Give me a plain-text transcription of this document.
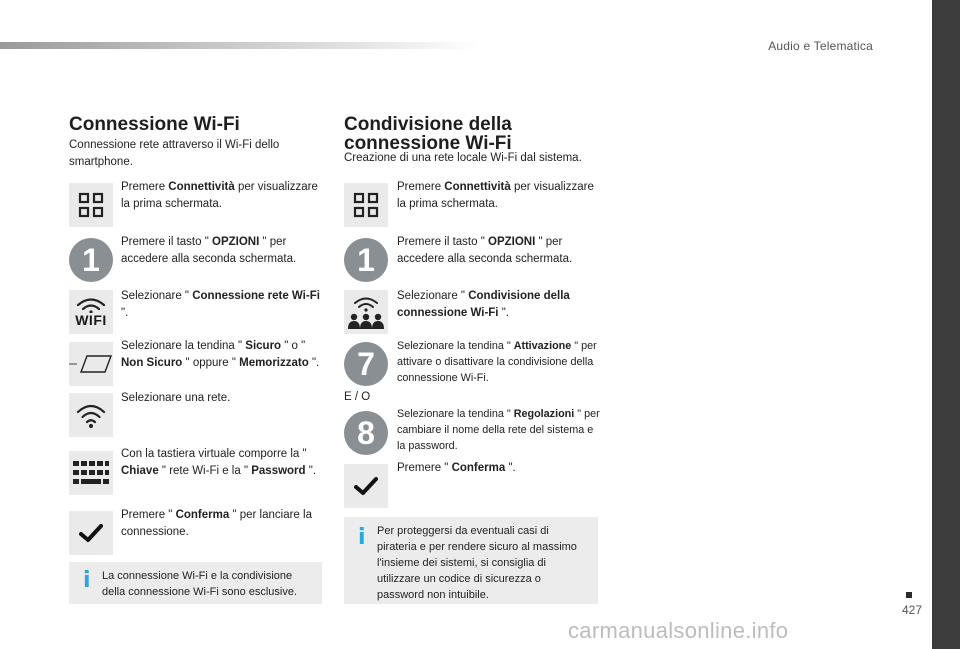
Audio e Telematica
427
carmanualsonline.info
Connessione Wi-Fi
Connessione rete attraverso il Wi-Fi dello smartphone.
Premere Connettività per visualizzare la prima schermata.
1	Premere il tasto " OPZIONI " per accedere alla seconda schermata.
WIFI
Selezionare " Connessione rete Wi-Fi ".
Selezionare la tendina " Sicuro " o " Non Sicuro " oppure " Memorizzato ".
Selezionare una rete.
Con la tastiera virtuale comporre la " Chiave " rete Wi-Fi e la " Password ".
Premere " Conferma " per lanciare la connessione.
i La connessione Wi-Fi e la condivisione della connessione Wi-Fi sono esclusive.
Condivisione della connessione Wi-Fi
Creazione di una rete locale Wi-Fi dal sistema.
Premere Connettività per visualizzare la prima schermata.
1	Premere il tasto " OPZIONI " per accedere alla seconda schermata.
Selezionare " Condivisione della connessione Wi-Fi ".
7	Selezionare la tendina " Attivazione " per attivare o disattivare la condivisione della connessione Wi-Fi.
E / O
8
Selezionare la tendina " Regolazioni " per cambiare il nome della rete del sistema e la password.
Premere " Conferma ".
i Per proteggersi da eventuali casi di pirateria e per rendere sicuro al massimo l'insieme dei sistemi, si consiglia di utilizzare un codice di sicurezza o password non intuibile.
